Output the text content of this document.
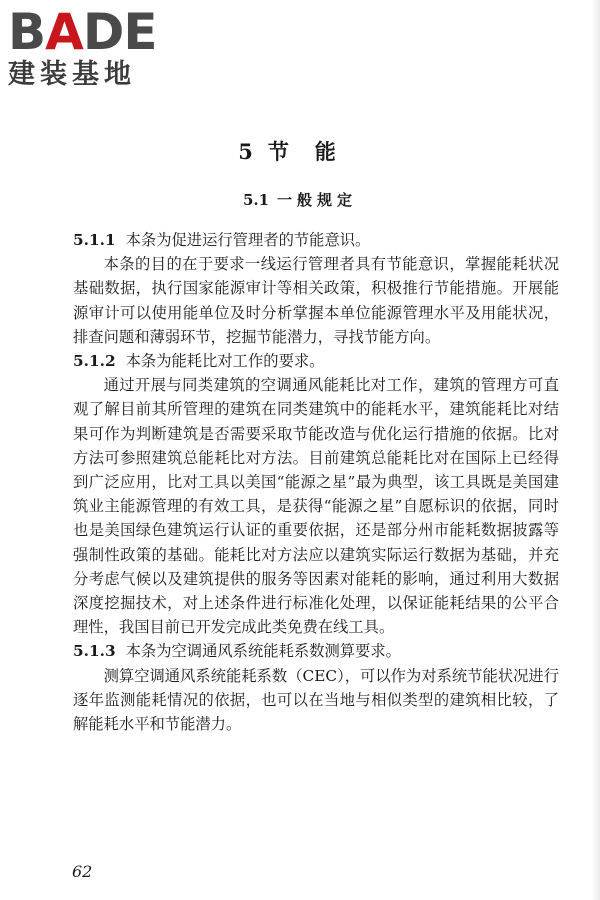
BADE
建装基地
5 节能
5.1 一般规定

5.1.1 本条为促进运行管理者的节能意识。

本条的目的在于要求一线运行管理者具有节能意识，掌握能耗状况基础数据，执行国家能源审计等相关政策，积极推行节能措施。开展能源审计可以使用能单位及时分析掌握本单位能源管理水平及用能状况，排查问题和薄弱环节，挖掘节能潜力，寻找节能方向。

5.1.2 本条为能耗比对工作的要求。

通过开展与同类建筑的空调通风能耗比对工作，建筑的管理方可直观了解目前其所管理的建筑在同类建筑中的能耗水平，建筑能耗比对结果可作为判断建筑是否需要采取节能改造与优化运行措施的依据。比对方法可参照建筑总能耗比对方法。目前建筑总能耗比对在国际上已经得到广泛应用，比对工具以美国“能源之星”最为典型，该工具既是美国建筑业主能源管理的有效工具，是获得“能源之星”自愿标识的依据，同时也是美国绿色建筑运行认证的重要依据，还是部分州市能耗数据披露等强制性政策的基础。能耗比对方法应以建筑实际运行数据为基础，并充分考虑气候以及建筑提供的服务等因素对能耗的影响，通过利用大数据深度挖掘技术，对上述条件进行标准化处理，以保证能耗结果的公平合理性，我国目前已开发完成此类免费在线工具。

5.1.3 本条为空调通风系统能耗系数测算要求。

测算空调通风系统能耗系数（CEC），可以作为对系统节能状况进行逐年监测能耗情况的依据，也可以在当地与相似类型的建筑相比较，了解能耗水平和节能潜力。

62
